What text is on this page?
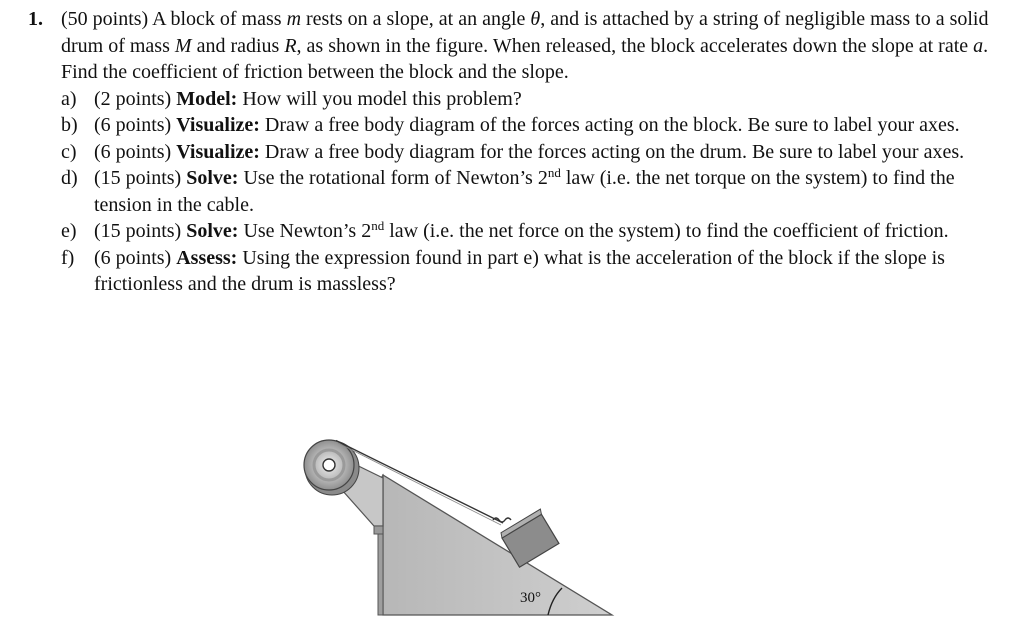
1. (50 points) A block of mass m rests on a slope, at an angle θ, and is attached by a string of negligible mass to a solid drum of mass M and radius R, as shown in the figure. When released, the block accelerates down the slope at rate a. Find the coefficient of friction between the block and the slope.
a) (2 points) Model: How will you model this problem?
b) (6 points) Visualize: Draw a free body diagram of the forces acting on the block. Be sure to label your axes.
c) (6 points) Visualize: Draw a free body diagram for the forces acting on the drum. Be sure to label your axes.
d) (15 points) Solve: Use the rotational form of Newton’s 2nd law (i.e. the net torque on the system) to find the tension in the cable.
e) (15 points) Solve: Use Newton’s 2nd law (i.e. the net force on the system) to find the coefficient of friction.
f) (6 points) Assess: Using the expression found in part e) what is the acceleration of the block if the slope is frictionless and the drum is massless?
30°
